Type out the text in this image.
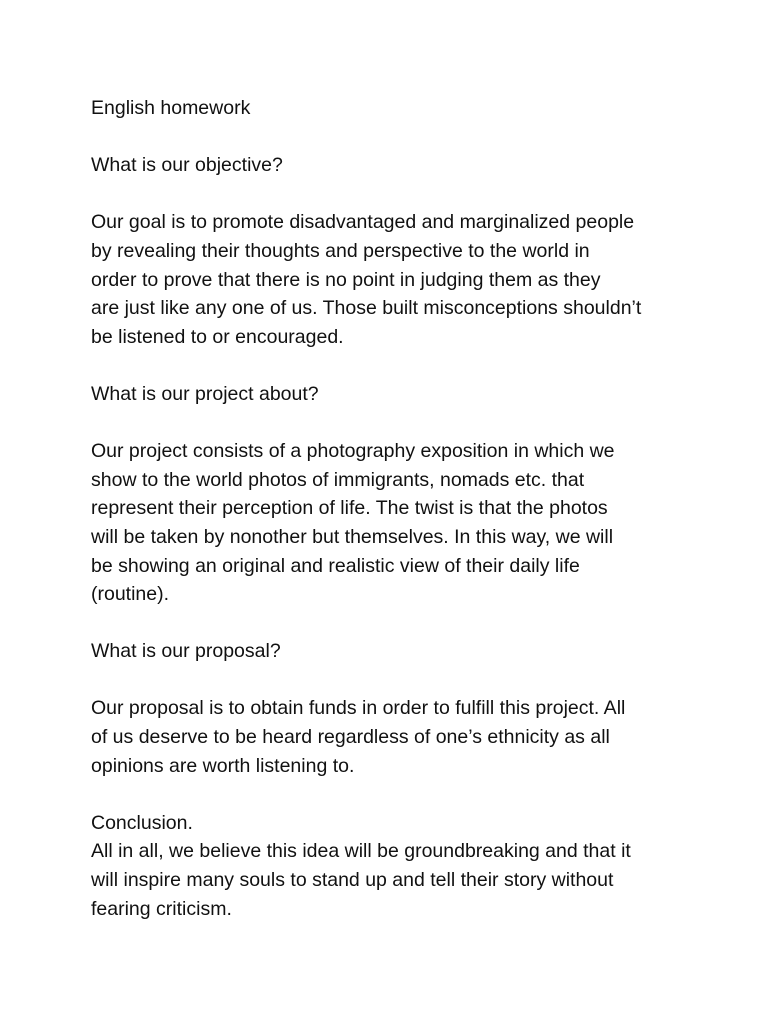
English homework

What is our objective?

Our goal is to promote disadvantaged and marginalized people

by revealing their thoughts and perspective to the world in

order to prove that there is no point in judging them as they

are just like any one of us. Those built misconceptions shouldn’t

be listened to or encouraged.

What is our project about?

Our project consists of a photography exposition in which we

show to the world photos of immigrants, nomads etc. that

represent their perception of life. The twist is that the photos

will be taken by nonother but themselves. In this way, we will

be showing an original and realistic view of their daily life

(routine).

What is our proposal?

Our proposal is to obtain funds in order to fulfill this project. All

of us deserve to be heard regardless of one’s ethnicity as all

opinions are worth listening to.

Conclusion.

All in all, we believe this idea will be groundbreaking and that it

will inspire many souls to stand up and tell their story without

fearing criticism.
